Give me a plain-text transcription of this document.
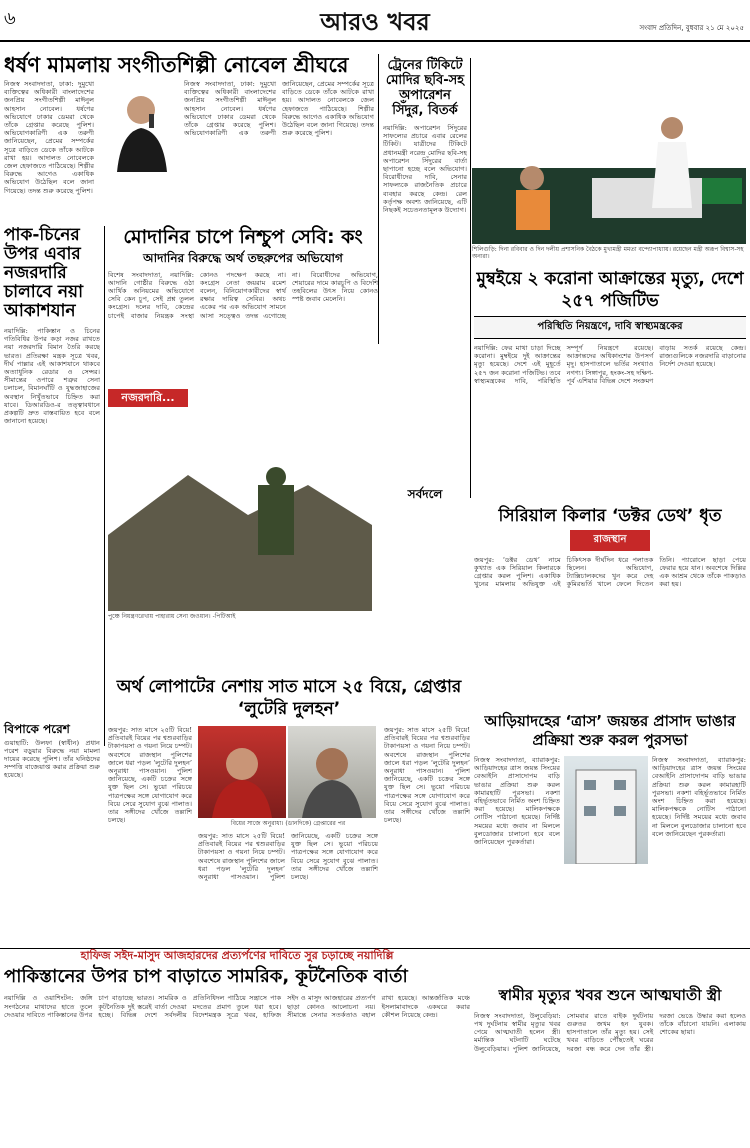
৬	আরও খবর	সংবাদ প্রতিদিন, বুধবার ২১ মে ২০২৫
ধর্ষণ মামলায় সংগীতশিল্পী নোবেল শ্রীঘরে
নিজস্ব সংবাদদাতা, ঢাকা: দুমুখো ব্যক্তিত্বের অধিকারী বাংলাদেশের জনপ্রিয় সংগীতশিল্পী মাঈনুল আহসান নোবেল। ধর্ষণের অভিযোগে ঢাকার ডেমরা থেকে তাঁকে গ্রেপ্তার করেছে পুলিশ। অভিযোগকারিণী এক তরুণী জানিয়েছেন, প্রেমের সম্পর্কের সূত্রে বাড়িতে ডেকে তাঁকে আটকে রাখা হয়। আদালত নোবেলকে জেল হেফাজতে পাঠিয়েছে। শিল্পীর বিরুদ্ধে আগেও একাধিক অভিযোগ উঠেছিল বলে জানা গিয়েছে। তদন্ত শুরু করেছে পুলিশ।
নিজস্ব সংবাদদাতা, ঢাকা: দুমুখো ব্যক্তিত্বের অধিকারী বাংলাদেশের জনপ্রিয় সংগীতশিল্পী মাঈনুল আহসান নোবেল। ধর্ষণের অভিযোগে ঢাকার ডেমরা থেকে তাঁকে গ্রেপ্তার করেছে পুলিশ। অভিযোগকারিণী এক তরুণী জানিয়েছেন, প্রেমের সম্পর্কের সূত্রে বাড়িতে ডেকে তাঁকে আটকে রাখা হয়। আদালত নোবেলকে জেল হেফাজতে পাঠিয়েছে। শিল্পীর বিরুদ্ধে আগেও একাধিক অভিযোগ উঠেছিল বলে জানা গিয়েছে। তদন্ত শুরু করেছে পুলিশ।
ট্রেনের টিকিটে মোদির ছবি-সহ অপারেশন সিঁদুর, বিতর্ক
নয়াদিল্লি: অপারেশন সিঁদুরের সাফল্যের প্রচারে এবার রেলের টিকিট। যাত্রীদের টিকিটে প্রধানমন্ত্রী নরেন্দ্র মোদির ছবি-সহ অপারেশন সিঁদুরের বার্তা ছাপানো হচ্ছে বলে অভিযোগ। বিরোধীদের দাবি, সেনার সাফল্যকে রাজনৈতিক প্রচারে ব্যবহার করছে কেন্দ্র। রেল কর্তৃপক্ষ অবশ্য জানিয়েছে, এটি নিছকই সচেতনতামূলক উদ্যোগ।
সর্বদলে
শিলিগুড়ি: দিনা রবিবার ও দিন দলীয় প্রশাসনিক বৈঠকে মুখ্যমন্ত্রী মমতা বন্দ্যোপাধ্যায়। রয়েছেন মন্ত্রী অরূপ বিশ্বাস-সহ অন্যরা।
পাক-চিনের উপর এবার নজরদারি চালাবে নয়া আকাশযান
নয়াদিল্লি: পাকিস্তান ও চিনের গতিবিধির উপর কড়া নজর রাখতে নয়া নজরদারি বিমান তৈরি করছে ভারত। প্রতিরক্ষা মন্ত্রক সূত্রে খবর, দীর্ঘ পাল্লার এই আকাশযানে থাকবে অত্যাধুনিক রেডার ও সেন্সর। সীমান্তের ওপারে শত্রুর সেনা চলাচল, বিমানঘাঁটি ও যুদ্ধজাহাজের অবস্থান নিখুঁতভাবে চিহ্নিত করা যাবে। ডিআরডিও-র তত্ত্বাবধানে প্রকল্পটি দ্রুত বাস্তবায়িত হবে বলে জানানো হয়েছে।
বিপাকে পরেশ
গুয়াহাটি: উলফা (স্বাধীন) প্রধান পরেশ বড়ুয়ার বিরুদ্ধে নয়া মামলা দায়ের করেছে পুলিশ। তাঁর ঘনিষ্ঠদের সম্পত্তি বাজেয়াপ্ত করার প্রক্রিয়া শুরু হয়েছে।
মোদানির চাপে নিশ্চুপ সেবি: কং
আদানির বিরুদ্ধে অর্থ তছরুপের অভিযোগ
বিশেষ সংবাদদাতা, নয়াদিল্লি: আদানি গোষ্ঠীর বিরুদ্ধে ওঠা আর্থিক অনিয়মের অভিযোগে সেবি কেন চুপ, সেই প্রশ্ন তুলল কংগ্রেস। দলের দাবি, কেন্দ্রের চাপেই বাজার নিয়ন্ত্রক সংস্থা কোনও পদক্ষেপ করছে না। কংগ্রেস নেতা জয়রাম রমেশ বলেন, বিনিয়োগকারীদের স্বার্থ রক্ষার দায়িত্ব সেবির। অথচ একের পর এক অভিযোগ সামনে আসা সত্ত্বেও তদন্ত এগোচ্ছে না। বিরোধীদের অভিযোগ, শেয়ারের দামে কারচুপি ও বিদেশি তহবিলের উৎস নিয়ে কোনও স্পষ্ট জবাব মেলেনি।
নজরদারি...
পুঞ্চে নিয়ন্ত্রণরেখায় পাহারায় সেনা জওয়ান। -পিটিআই
মুম্বইয়ে ২ করোনা আক্রান্তের মৃত্যু, দেশে ২৫৭ পজিটিভ
পরিস্থিতি নিয়ন্ত্রণে, দাবি স্বাস্থ্যমন্ত্রকের
নয়াদিল্লি: ফের মাথা চাড়া দিচ্ছে করোনা। মুম্বইয়ে দুই আক্রান্তের মৃত্যু হয়েছে। দেশে এই মুহূর্তে ২৫৭ জন করোনা পজিটিভ। তবে স্বাস্থ্যমন্ত্রকের দাবি, পরিস্থিতি সম্পূর্ণ নিয়ন্ত্রণে রয়েছে। আক্রান্তদের অধিকাংশের উপসর্গ মৃদু। হাসপাতালে ভর্তির সংখ্যাও নগণ্য। সিঙ্গাপুর, হংকং-সহ দক্ষিণ-পূর্ব এশিয়ার বিভিন্ন দেশে সংক্রমণ বাড়ায় সতর্ক রয়েছে কেন্দ্র। রাজ্যগুলিকে নজরদারি বাড়ানোর নির্দেশ দেওয়া হয়েছে।
সিরিয়াল কিলার ‘ডক্টর ডেথ’ ধৃত
রাজস্থান
জয়পুর: ‘ডক্টর ডেথ’ নামে কুখ্যাত এক সিরিয়াল কিলারকে গ্রেপ্তার করল পুলিশ। একাধিক খুনের মামলায় অভিযুক্ত এই চিকিৎসক দীর্ঘদিন ধরে পলাতক ছিলেন। অভিযোগ, ট্যাক্সিচালকদের খুন করে দেহ কুমিরভর্তি খালে ফেলে দিতেন তিনি। প্যারোলে ছাড়া পেয়ে ফেরার হয়ে যান। অবশেষে দিল্লির এক আশ্রম থেকে তাঁকে পাকড়াও করা হয়।
আড়িয়াদহের ‘ত্রাস’ জয়ন্তর প্রাসাদ ভাঙার প্রক্রিয়া শুরু করল পুরসভা
নিজস্ব সংবাদদাতা, ব্যারাকপুর: আড়িয়াদহের ত্রাস জয়ন্ত সিংয়ের বেআইনি প্রাসাদোপম বাড়ি ভাঙার প্রক্রিয়া শুরু করল কামারহাটি পুরসভা। নকশা বহির্ভূতভাবে নির্মিত অংশ চিহ্নিত করা হয়েছে। মালিকপক্ষকে নোটিস পাঠানো হয়েছে। নির্দিষ্ট সময়ের মধ্যে জবাব না মিললে বুলডোজার চালানো হবে বলে জানিয়েছেন পুরকর্তারা।
নিজস্ব সংবাদদাতা, ব্যারাকপুর: আড়িয়াদহের ত্রাস জয়ন্ত সিংয়ের বেআইনি প্রাসাদোপম বাড়ি ভাঙার প্রক্রিয়া শুরু করল কামারহাটি পুরসভা। নকশা বহির্ভূতভাবে নির্মিত অংশ চিহ্নিত করা হয়েছে। মালিকপক্ষকে নোটিস পাঠানো হয়েছে। নির্দিষ্ট সময়ের মধ্যে জবাব না মিললে বুলডোজার চালানো হবে বলে জানিয়েছেন পুরকর্তারা।
অর্থ লোপাটের নেশায় সাত মাসে ২৫ বিয়ে, গ্রেপ্তার ‘লুটেরি দুলহন’
জয়পুর: সাত মাসে ২৫টি বিয়ে! প্রতিবারই বিয়ের পর শ্বশুরবাড়ির টাকাপয়সা ও গয়না নিয়ে চম্পট। অবশেষে রাজস্থান পুলিশের জালে ধরা পড়ল ‘লুটেরি দুলহন’ অনুরাধা পাসওয়ান। পুলিশ জানিয়েছে, একটি চক্রের সঙ্গে যুক্ত ছিল সে। ভুয়ো পরিচয়ে পাত্রপক্ষের সঙ্গে যোগাযোগ করে বিয়ে সেরে সুযোগ বুঝে পালাত। তার সঙ্গীদের খোঁজে তল্লাশি চলছে।	বিয়ের সাজে অনুরাধা। (ডানদিকে) গ্রেপ্তারের পর
জয়পুর: সাত মাসে ২৫টি বিয়ে! প্রতিবারই বিয়ের পর শ্বশুরবাড়ির টাকাপয়সা ও গয়না নিয়ে চম্পট। অবশেষে রাজস্থান পুলিশের জালে ধরা পড়ল ‘লুটেরি দুলহন’ অনুরাধা পাসওয়ান। পুলিশ জানিয়েছে, একটি চক্রের সঙ্গে যুক্ত ছিল সে। ভুয়ো পরিচয়ে পাত্রপক্ষের সঙ্গে যোগাযোগ করে বিয়ে সেরে সুযোগ বুঝে পালাত। তার সঙ্গীদের খোঁজে তল্লাশি চলছে।
জয়পুর: সাত মাসে ২৫টি বিয়ে! প্রতিবারই বিয়ের পর শ্বশুরবাড়ির টাকাপয়সা ও গয়না নিয়ে চম্পট। অবশেষে রাজস্থান পুলিশের জালে ধরা পড়ল ‘লুটেরি দুলহন’ অনুরাধা পাসওয়ান। পুলিশ জানিয়েছে, একটি চক্রের সঙ্গে যুক্ত ছিল সে। ভুয়ো পরিচয়ে পাত্রপক্ষের সঙ্গে যোগাযোগ করে বিয়ে সেরে সুযোগ বুঝে পালাত। তার সঙ্গীদের খোঁজে তল্লাশি চলছে।
হাফিজ সইদ-মাসুদ আজহারদের প্রত্যর্পণের দাবিতে সুর চড়াচ্ছে নয়াদিল্লি
পাকিস্তানের উপর চাপ বাড়াতে সামরিক, কূটনৈতিক বার্তা
নয়াদিল্লি ও ওয়াশিংটন: জঙ্গি সংগঠনের মাথাদের হাতে তুলে দেওয়ার দাবিতে পাকিস্তানের উপর চাপ বাড়াচ্ছে ভারত। সামরিক ও কূটনৈতিক দুই স্তরেই বার্তা দেওয়া হচ্ছে। বিভিন্ন দেশে সর্বদলীয় প্রতিনিধিদল পাঠিয়ে সন্ত্রাসে পাক মদতের প্রমাণ তুলে ধরা হবে। বিদেশমন্ত্রক সূত্রে খবর, হাফিজ সইদ ও মাসুদ আজহারের প্রত্যর্পণ ছাড়া কোনও আলোচনা নয়। সীমান্তে সেনার সতর্কতাও বহাল রাখা হয়েছে। আন্তর্জাতিক মঞ্চে ইসলামাবাদকে একঘরে করার কৌশল নিয়েছে কেন্দ্র।
স্বামীর মৃত্যুর খবর শুনে আত্মঘাতী স্ত্রী
নিজস্ব সংবাদদাতা, উলুবেড়িয়া: পথ দুর্ঘটনায় স্বামীর মৃত্যুর খবর পেয়ে আত্মঘাতী হলেন স্ত্রী। মর্মান্তিক ঘটনাটি ঘটেছে উলুবেড়িয়ায়। পুলিশ জানিয়েছে, সোমবার রাতে বাইক দুর্ঘটনায় গুরুতর জখম হন যুবক। হাসপাতালে তাঁর মৃত্যু হয়। সেই খবর বাড়িতে পৌঁছতেই ঘরের দরজা বন্ধ করে দেন তাঁর স্ত্রী। দরজা ভেঙে উদ্ধার করা হলেও তাঁকে বাঁচানো যায়নি। এলাকায় শোকের ছায়া।
